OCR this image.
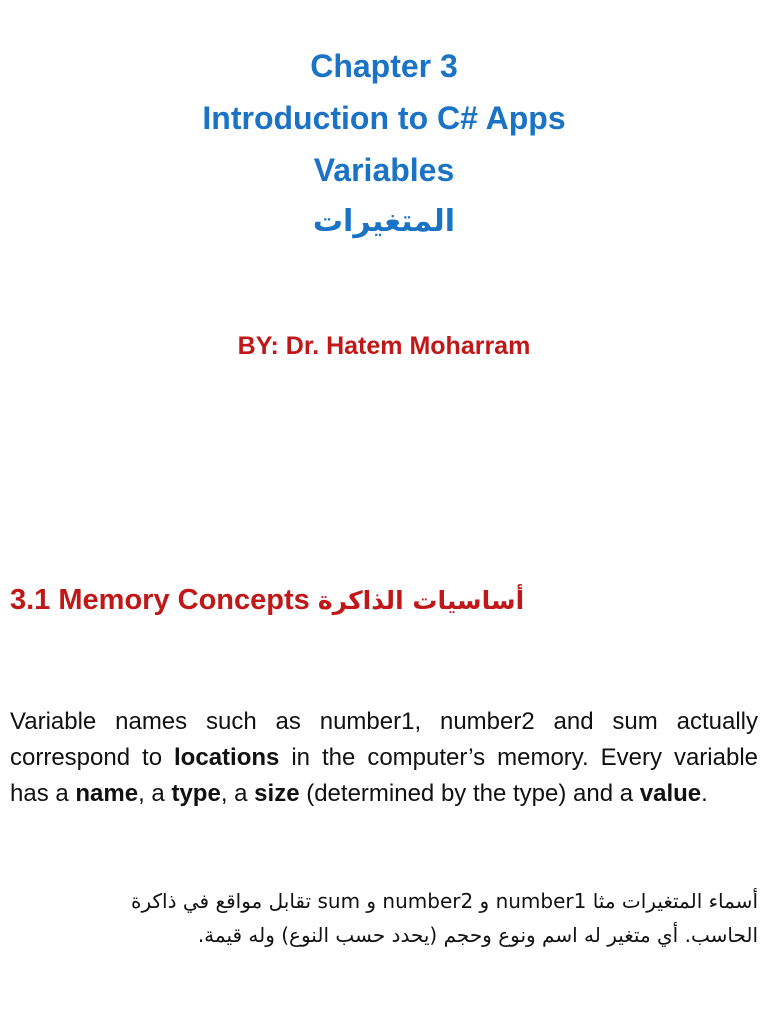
Chapter 3
Introduction to C# Apps
Variables
المتغيرات
BY: Dr. Hatem Moharram
3.1 Memory Concepts أساسيات الذاكرة
Variable names such as number1, number2 and sum actually correspond to locations in the computer’s memory. Every variable has a name, a type, a size (determined by the type) and a value.
أسماء المتغيرات مثا number1 و number2 و sum تقابل مواقع في ذاكرة
الحاسب. أي متغير له اسم ونوع وحجم (يحدد حسب النوع) وله قيمة.
